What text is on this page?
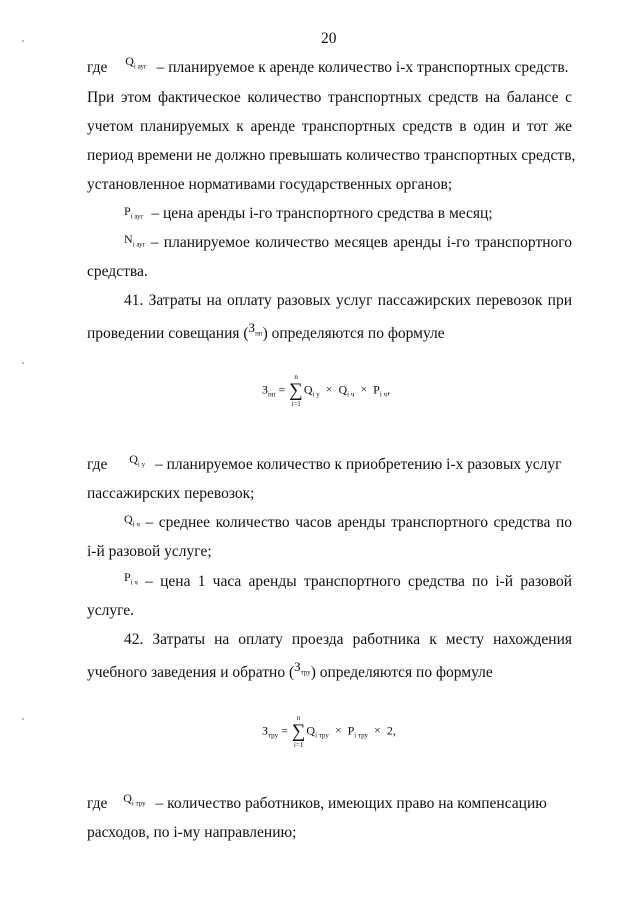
20
где $Q_{i ауг}$ – планируемое к аренде количество i-х транспортных средств.
При этом фактическое количество транспортных средств на балансе с
учетом планируемых к аренде транспортных средств в один и тот же
период времени не должно превышать количество транспортных средств,
установленное нормативами государственных органов;
$P_{i ауг}$ – цена аренды i-го транспортного средства в месяц;
$N_{i ауг}$ – планируемое количество месяцев аренды i-го транспортного
средства.
41. Затраты на оплату разовых услуг пассажирских перевозок при
проведении совещания $(З_{пп})$ определяются по формуле
$З_{пп}$ = ∑
n
i=1
$Q_{i у} \times Q_{i ч} \times P_{i ч}$,
где $Q_{i у}$ – планируемое количество к приобретению i-х разовых услуг
пассажирских перевозок;
$Q_{i ч}$ – среднее количество часов аренды транспортного средства по
i-й разовой услуге;
$P_{i ч}$ – цена 1 часа аренды транспортного средства по i-й разовой
услуге.
42. Затраты на оплату проезда работника к месту нахождения
учебного заведения и обратно $(З_{тру})$ определяются по формуле
$З_{тру}$ = ∑
n
i=1
$Q_{i тру} \times P_{i тру} \times 2$,
где $Q_{i тру}$ – количество работников, имеющих право на компенсацию
расходов, по i-му направлению;
